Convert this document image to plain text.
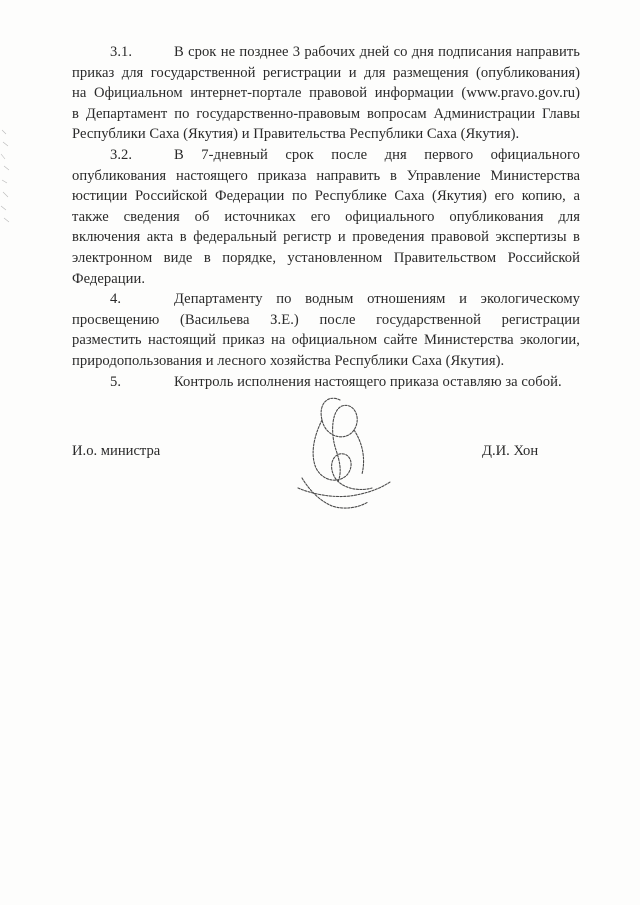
3.1.	В срок не позднее 3 рабочих дней со дня подписания направить
приказ для государственной регистрации и для размещения (опубликования)
на Официальном интернет-портале правовой информации (www.pravo.gov.ru)
в Департамент по государственно-правовым вопросам Администрации Главы
Республики Саха (Якутия) и Правительства Республики Саха (Якутия).
3.2.	В 7-дневный срок после дня первого официального
опубликования настоящего приказа направить в Управление Министерства
юстиции Российской Федерации по Республике Саха (Якутия) его копию, а
также сведения об источниках его официального опубликования для
включения акта в федеральный регистр и проведения правовой экспертизы в
электронном виде в порядке, установленном Правительством Российской
Федерации.
4.	Департаменту по водным отношениям и экологическому
просвещению (Васильева З.Е.) после государственной регистрации
разместить настоящий приказ на официальном сайте Министерства экологии,
природопользования и лесного хозяйства Республики Саха (Якутия).
5.	Контроль исполнения настоящего приказа оставляю за собой.
И.о. министра	Д.И. Хон
